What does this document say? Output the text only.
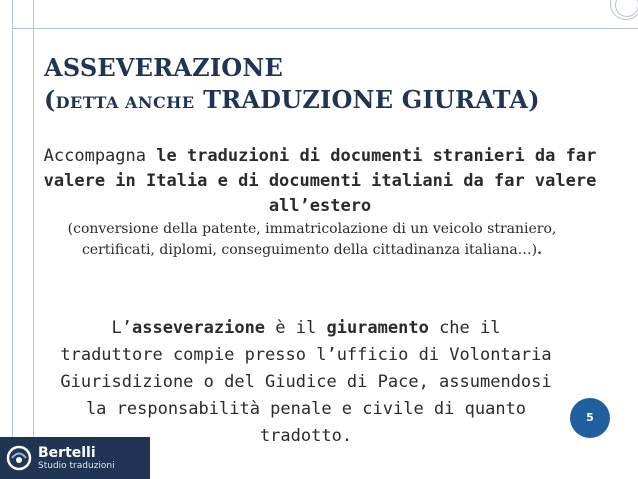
ASSEVERAZIONE
(DETTA ANCHE TRADUZIONE GIURATA)
Accompagna le traduzioni di documenti stranieri da far valere in Italia e di documenti italiani da far valere all’estero
(conversione della patente, immatricolazione di un veicolo straniero, certificati, diplomi, conseguimento della cittadinanza italiana…).
L’asseverazione è il giuramento che il traduttore compie presso l’ufficio di Volontaria Giurisdizione o del Giudice di Pace, assumendosi la responsabilità penale e civile di quanto tradotto.
5
Bertelli
Studio traduzioni
